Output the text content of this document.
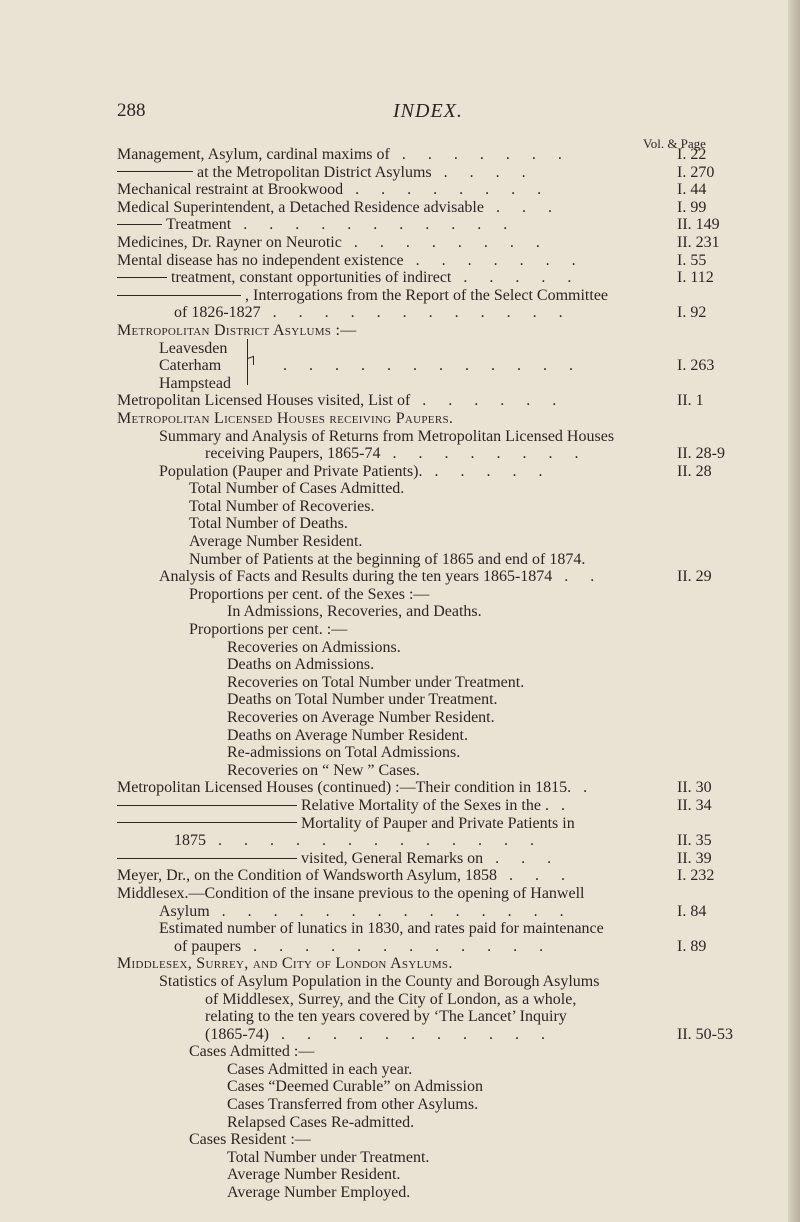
288	INDEX.
Vol. & Page
Management, Asylum, cardinal maxims of . . . . . . .	I. 22
at the Metropolitan District Asylums . . . .	I. 270
Mechanical restraint at Brookwood . . . . . . . .	I. 44
Medical Superintendent, a Detached Residence advisable . . .	I. 99
Treatment . . . . . . . . . . .	II. 149
Medicines, Dr. Rayner on Neurotic . . . . . . . .	II. 231
Mental disease has no independent existence . . . . . . .	I. 55
treatment, constant opportunities of indirect . . . . .	I. 112
, Interrogations from the Report of the Select Committee
of 1826-1827 . . . . . . . . . . . .	I. 92
Metropolitan District Asylums :—
Leavesden
Caterham	. . . . . . . . . . . .	I. 263
Hampstead
Metropolitan Licensed Houses visited, List of . . . . . .	II. 1
Metropolitan Licensed Houses receiving Paupers.
Summary and Analysis of Returns from Metropolitan Licensed Houses
receiving Paupers, 1865-74 . . . . . . . .	II. 28-9
Population (Pauper and Private Patients). . . . . .	II. 28
Total Number of Cases Admitted.
Total Number of Recoveries.
Total Number of Deaths.
Average Number Resident.
Number of Patients at the beginning of 1865 and end of 1874.
Analysis of Facts and Results during the ten years 1865-1874 . .	II. 29
Proportions per cent. of the Sexes :—
In Admissions, Recoveries, and Deaths.
Proportions per cent. :—
Recoveries on Admissions.
Deaths on Admissions.
Recoveries on Total Number under Treatment.
Deaths on Total Number under Treatment.
Recoveries on Average Number Resident.
Deaths on Average Number Resident.
Re-admissions on Total Admissions.
Recoveries on “ New ” Cases.
Metropolitan Licensed Houses (continued) :—Their condition in 1815. .	II. 30
Relative Mortality of the Sexes in the . .	II. 34
Mortality of Pauper and Private Patients in
1875 . . . . . . . . . . . . .	II. 35
visited, General Remarks on . . .	II. 39
Meyer, Dr., on the Condition of Wandsworth Asylum, 1858 . . .	I. 232
Middlesex.—Condition of the insane previous to the opening of Hanwell
Asylum . . . . . . . . . . . . . .	I. 84
Estimated number of lunatics in 1830, and rates paid for maintenance
of paupers . . . . . . . . . . . .	I. 89
Middlesex, Surrey, and City of London Asylums.
Statistics of Asylum Population in the County and Borough Asylums
of Middlesex, Surrey, and the City of London, as a whole,
relating to the ten years covered by ‘The Lancet’ Inquiry
(1865-74) . . . . . . . . . . .	II. 50-53
Cases Admitted :—
Cases Admitted in each year.
Cases “Deemed Curable” on Admission
Cases Transferred from other Asylums.
Relapsed Cases Re-admitted.
Cases Resident :—
Total Number under Treatment.
Average Number Resident.
Average Number Employed.
